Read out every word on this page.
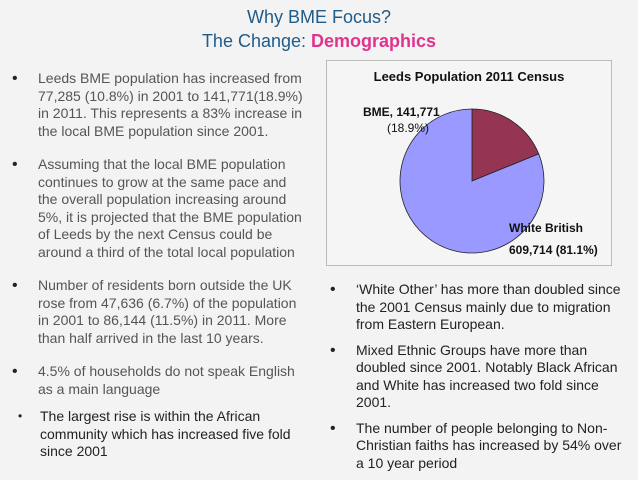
Why BME Focus?
The Change: Demographics
• Leeds BME population has increased from 77,285 (10.8%) in 2001 to 141,771(18.9%) in 2011. This represents a 83% increase in the local BME population since 2001.
• Assuming that the local BME population continues to grow at the same pace and the overall population increasing around 5%, it is projected that the BME population of Leeds by the next Census could be around a third of the total local population
• Number of residents born outside the UK rose from 47,636 (6.7%) of the population in 2001 to 86,144 (11.5%) in 2011. More than half arrived in the last 10 years.
• 4.5% of households do not speak English as a main language
• The largest rise is within the African community which has increased five fold since 2001
Leeds Population 2011 Census
BME, 141,771
(18.9%)
White British
609,714 (81.1%)
• ‘White Other’ has more than doubled since the 2001 Census mainly due to migration from Eastern European.
• Mixed Ethnic Groups have more than doubled since 2001. Notably Black African and White has increased two fold since 2001.
• The number of people belonging to Non-Christian faiths has increased by 54% over a 10 year period
